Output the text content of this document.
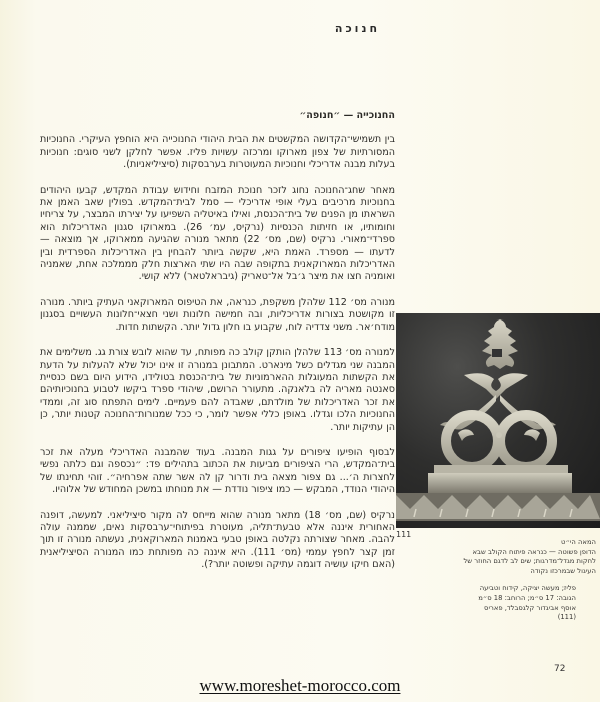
חנוכה
החנוכייה — ״חנופה״

בין תשמישי־הקדושה המקשטים את הבית היהודי החנוכייה היא הוחפץ העיקרי. החנוכיות המסורתיות של צפון מארוקו ומרכזה עשויות פליז. אפשר לחלקן לשני סוגים: חנוכיות בעלות מבנה אדריכלי וחנוכיות המעוטרות בערבסקות (סיציליאניות).

מאחר שחג־החנוכה נחוג לזכר חנוכת המזבח וחידוש עבודת המקדש, קבעו היהודים בחנוכיות מרכיבים בעלי אופי אדריכלי — סמל לבית־המקדש. בפולין שאב האמן את השראתו מן הפנים של בית־הכנסת, ואילו באיטליה השפיעו על יצירתו המבצר, על צריחיו וחומותיו, או חזיתות הכנסיות (נרקיס, עמ׳ 26). במארוקו סגנון האדריכלות הוא ספרדי־מאורי. נרקיס (שם, מס׳ 22) מתאר מנורה שהגיעה ממארוקו, אך מוצאה — לדעתו — מספרד. האמת היא, שקשה ביותר להבחין בין האדריכלות הספרדית ובין האדריכלות המארוקאנית בתקופה שבה היו שתי הארצות חלק מממלכה אחת, שאמניה ואומניה חצו את מיצר ג׳בל אל־טאריק (גיבראלטאר) ללא קושי.

מנורה מס׳ 112 שלהלן משקפת, כנראה, את הטיפוס המארוקאני העתיק ביותר. מנורה זו מקושטת בצורות אדריכליות, ובה חמישה חלונות ושני חצאי־חלונות העשויים בסגנון מודח׳אר. משני צדדיה לוח, שקבוע בו חלון גדול יותר. הקשתות חדות.

למנורה מס׳ 113 שלהלן הותקן קולב כה מפותח, עד שהוא לובש צורת גג. משלימים את המבנה שני מגדלים כשל מינארט. המתבונן במנורה זו אינו יכול שלא להעלות על הדעת את הקשתות המעוגלות ההארמוניות של בית־הכנסת בטולידו, הידוע היום בשם כנסיית סאנטה מאריה לה בלאנקה. מתעורר הרושם, שיהודי ספרד ביקשו לטבוע בחנוכיותיהם את זכר האדריכלות של מולדתם, שאבדה להם פעמיים. לימים התפתח סוג זה, וממדי החנוכיות הלכו וגדלו. באופן כללי אפשר לומר, כי ככל שמנורות־החנוכה קטנות יותר, כן הן עתיקות יותר.

לבסוף הופיעו ציפורים על גגות המבנה. בעוד שהמבנה האדריכלי מעלה את זכר בית־המקדש, הרי הציפורים מביעות את הכתוב בתהילים פד: ״נכספה וגם כלתה נפשי לחצרות ה׳... גם צפור מצאה בית ודרור קן לה אשר שתה אפרחיה״. זוהי תחינתו של היהודי הנודד, המבקש — כמו ציפור נודדת — את מנוחתו במשכן המחודש של אלוהיו.

נרקיס (שם, מס׳ 18) מתאר מנורה שהוא מייחס לה מקור סיציליאני. למעשה, דופנה האחורית איננה אלא טבעת־תליה, מעוטרת בפיתוחי־ערבסקות נאים, שממנה עולה להבה. מאחר שצורתה נקלטה באופן טבעי באמנות המארוקאנית, נעשתה מנורה זו תוך זמן קצר לחפץ עממי (מס׳ 111). היא איננה כה מפותחת כמו המנורה הסיציליאנית (האם חיקו עושיה דוגמה עתיקה ופשוטה יותר?).

111
המאה הי״ט
הדופן פשוטה — כנראה פיתוח הקולב שבא
לחקות מגדל־מדרגות; שים לב לדגם החוזר של
העיגול שבמרכזו נקודה
פליז; מעשה יציקה, קידוח וטביעה
הגובה: 17 ס״מ; הרוחב: 18 ס״מ
אוסף אביגדור קלגסבלד, פאריס
(111)
72
www.moreshet-morocco.com
